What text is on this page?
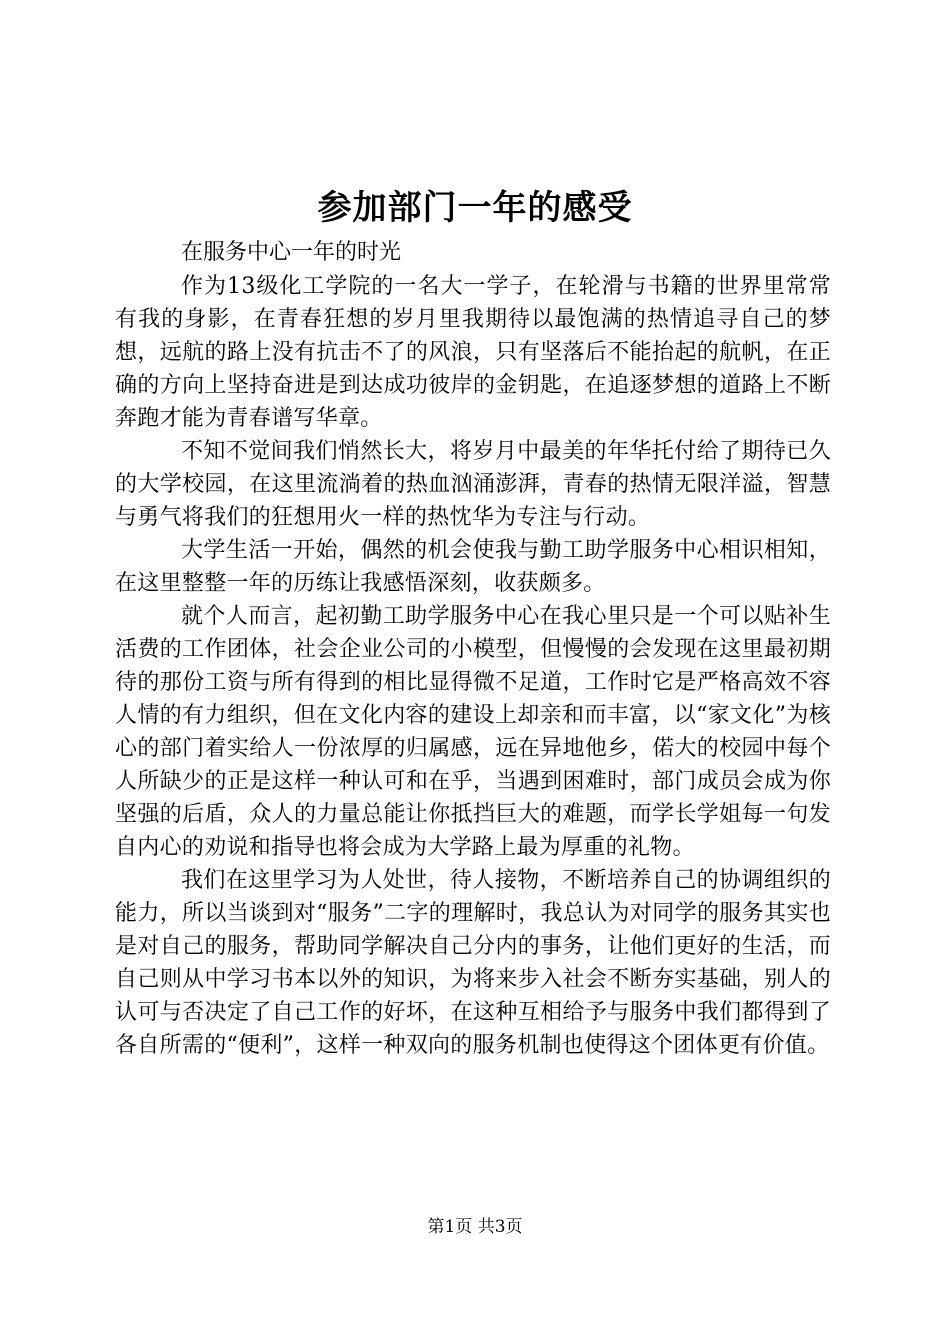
参加部门一年的感受

在服务中心一年的时光

作为13级化工学院的一名大一学子，在轮滑与书籍的世界里常常有我的身影，在青春狂想的岁月里我期待以最饱满的热情追寻自己的梦想，远航的路上没有抗击不了的风浪，只有坚落后不能抬起的航帆，在正确的方向上坚持奋进是到达成功彼岸的金钥匙，在追逐梦想的道路上不断奔跑才能为青春谱写华章。

不知不觉间我们悄然长大，将岁月中最美的年华托付给了期待已久的大学校园，在这里流淌着的热血汹涌澎湃，青春的热情无限洋溢，智慧与勇气将我们的狂想用火一样的热忱华为专注与行动。

大学生活一开始，偶然的机会使我与勤工助学服务中心相识相知，在这里整整一年的历练让我感悟深刻，收获颇多。

就个人而言，起初勤工助学服务中心在我心里只是一个可以贴补生活费的工作团体，社会企业公司的小模型，但慢慢的会发现在这里最初期待的那份工资与所有得到的相比显得微不足道，工作时它是严格高效不容人情的有力组织，但在文化内容的建设上却亲和而丰富，以“家文化”为核心的部门着实给人一份浓厚的归属感，远在异地他乡，偌大的校园中每个人所缺少的正是这样一种认可和在乎，当遇到困难时，部门成员会成为你坚强的后盾，众人的力量总能让你抵挡巨大的难题，而学长学姐每一句发自内心的劝说和指导也将会成为大学路上最为厚重的礼物。

我们在这里学习为人处世，待人接物，不断培养自己的协调组织的能力，所以当谈到对“服务”二字的理解时，我总认为对同学的服务其实也是对自己的服务，帮助同学解决自己分内的事务，让他们更好的生活，而自己则从中学习书本以外的知识，为将来步入社会不断夯实基础，别人的认可与否决定了自己工作的好坏，在这种互相给予与服务中我们都得到了各自所需的“便利”，这样一种双向的服务机制也使得这个团体更有价值。

第1页 共3页
